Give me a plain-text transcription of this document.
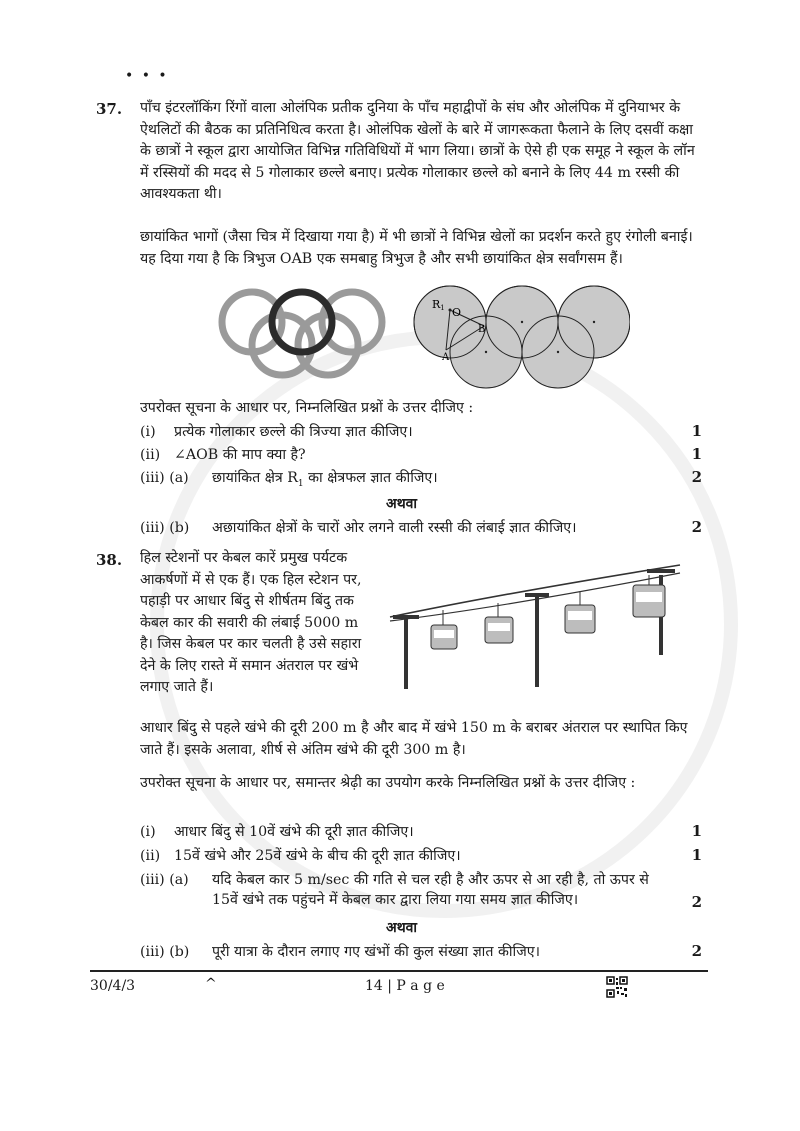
• • •
37. पाँच इंटरलॉकिंग रिंगों वाला ओलंपिक प्रतीक दुनिया के पाँच महाद्वीपों के संघ और ओलंपिक में दुनियाभर के ऐथलिटों की बैठक का प्रतिनिधित्व करता है। ओलंपिक खेलों के बारे में जागरूकता फैलाने के लिए दसवीं कक्षा के छात्रों ने स्कूल द्वारा आयोजित विभिन्न गतिविधियों में भाग लिया। छात्रों के ऐसे ही एक समूह ने स्कूल के लॉन में रस्सियों की मदद से 5 गोलाकार छल्ले बनाए। प्रत्येक गोलाकार छल्ले को बनाने के लिए 44 m रस्सी की आवश्यकता थी।
छायांकित भागों (जैसा चित्र में दिखाया गया है) में भी छात्रों ने विभिन्न खेलों का प्रदर्शन करते हुए रंगोली बनाई। यह दिया गया है कि त्रिभुज OAB एक समबाहु त्रिभुज है और सभी छायांकित क्षेत्र सर्वांगसम हैं।
R1 O
A
B
उपरोक्त सूचना के आधार पर, निम्नलिखित प्रश्नों के उत्तर दीजिए :
(i) प्रत्येक गोलाकार छल्ले की त्रिज्या ज्ञात कीजिए।	1
(ii) ∠AOB की माप क्या है?	1
(iii) (a) छायांकित क्षेत्र $R_1$ का क्षेत्रफल ज्ञात कीजिए।	2
अथवा
(iii) (b) अछायांकित क्षेत्रों के चारों ओर लगने वाली रस्सी की लंबाई ज्ञात कीजिए।	2
38. हिल स्टेशनों पर केबल कारें प्रमुख पर्यटक आकर्षणों में से एक हैं। एक हिल स्टेशन पर, पहाड़ी पर आधार बिंदु से शीर्षतम बिंदु तक केबल कार की सवारी की लंबाई 5000 m है। जिस केबल पर कार चलती है उसे सहारा देने के लिए रास्ते में समान अंतराल पर खंभे लगाए जाते हैं।
आधार बिंदु से पहले खंभे की दूरी 200 m है और बाद में खंभे 150 m के बराबर अंतराल पर स्थापित किए जाते हैं। इसके अलावा, शीर्ष से अंतिम खंभे की दूरी 300 m है।
उपरोक्त सूचना के आधार पर, समान्तर श्रेढ़ी का उपयोग करके निम्नलिखित प्रश्नों के उत्तर दीजिए :
(i) आधार बिंदु से 10वें खंभे की दूरी ज्ञात कीजिए।	1
(ii) 15वें खंभे और 25वें खंभे के बीच की दूरी ज्ञात कीजिए।	1
(iii) (a)	यदि केबल कार 5 m/sec की गति से चल रही है और ऊपर से आ रही है, तो ऊपर से 15वें खंभे तक पहुंचने में केबल कार द्वारा लिया गया समय ज्ञात कीजिए।	2
अथवा
(iii) (b) पूरी यात्रा के दौरान लगाए गए खंभों की कुल संख्या ज्ञात कीजिए।	2
30/4/3	^	14 | P a g e
